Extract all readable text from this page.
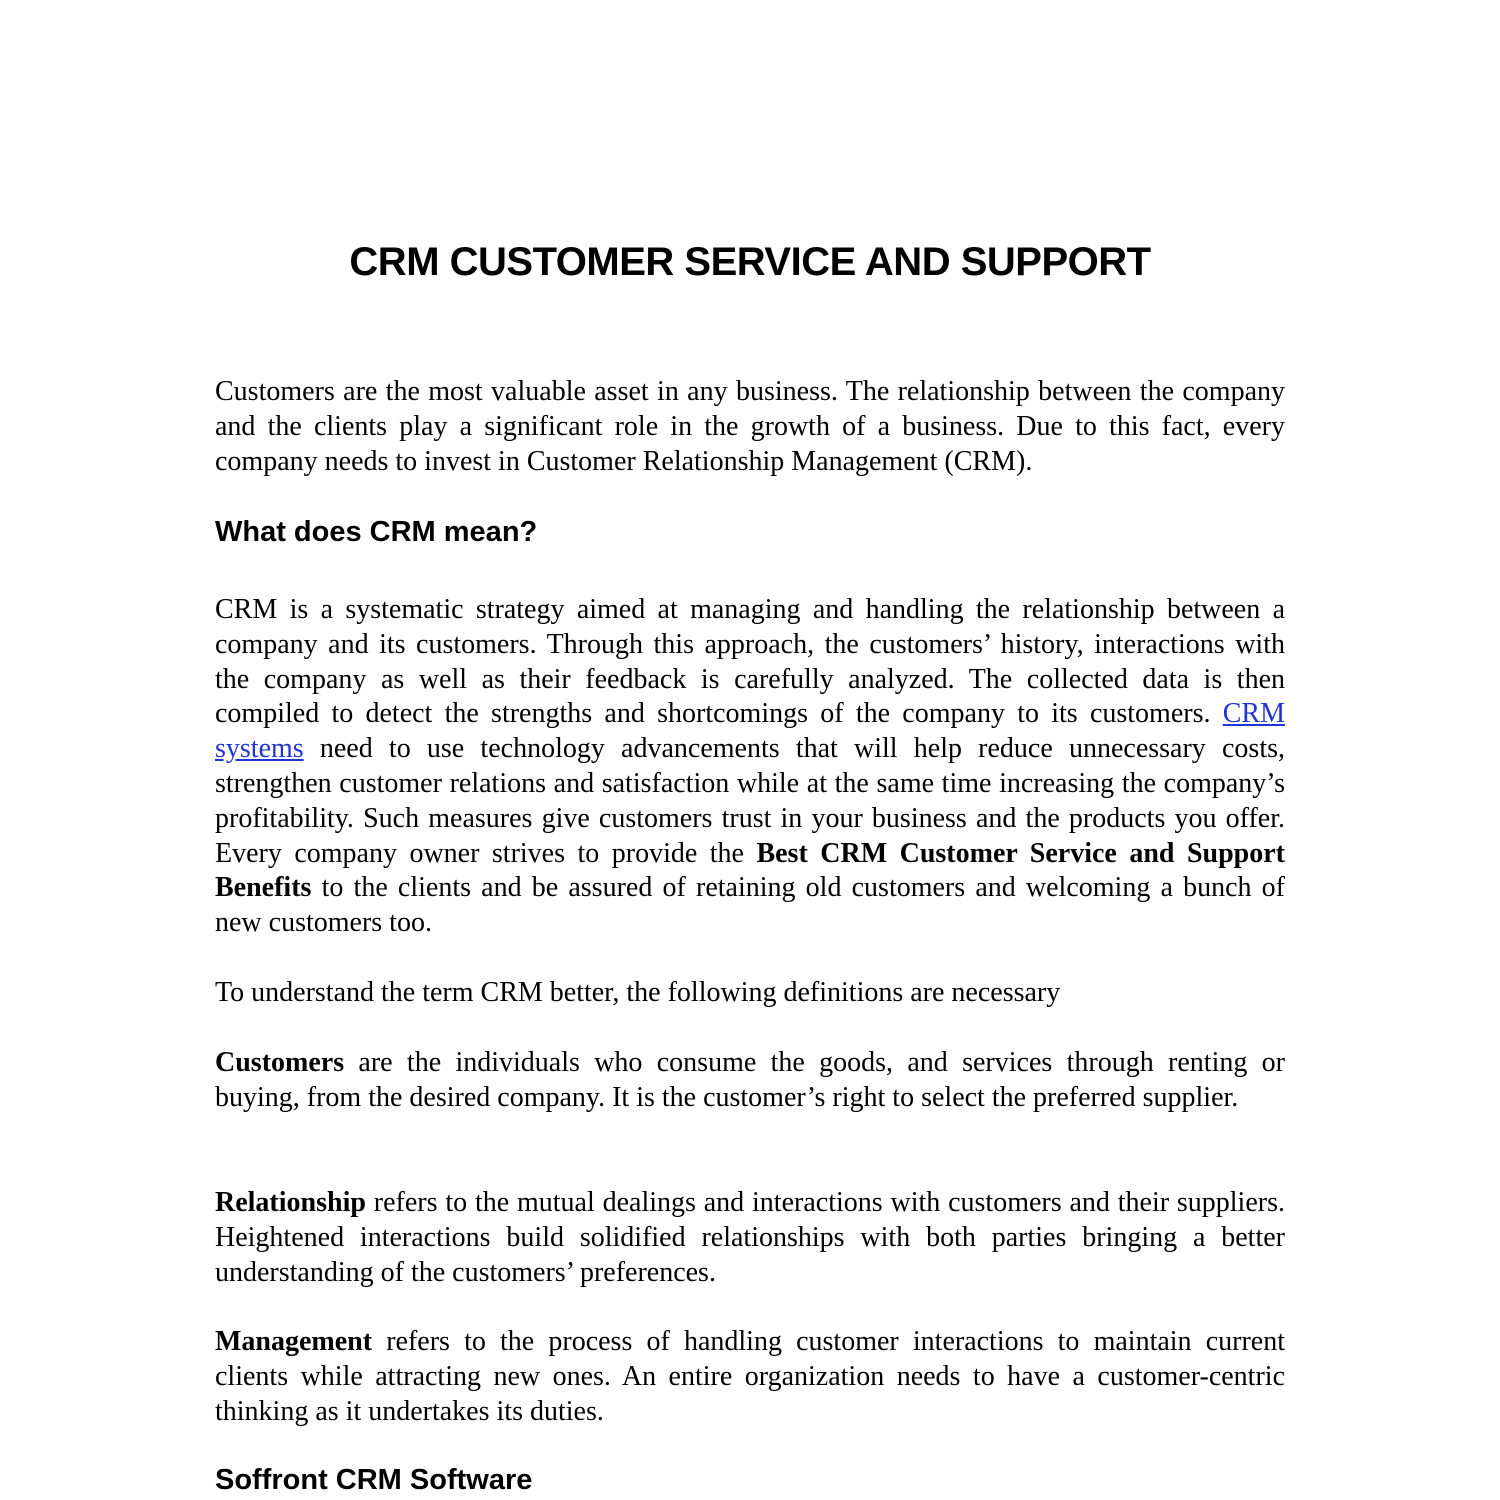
CRM CUSTOMER SERVICE AND SUPPORT

Customers are the most valuable asset in any business. The relationship between the company and the clients play a significant role in the growth of a business. Due to this fact, every company needs to invest in Customer Relationship Management (CRM).

What does CRM mean?

CRM is a systematic strategy aimed at managing and handling the relationship between a company and its customers. Through this approach, the customers’ history, interactions with the company as well as their feedback is carefully analyzed. The collected data is then compiled to detect the strengths and shortcomings of the company to its customers. CRM systems need to use technology advancements that will help reduce unnecessary costs, strengthen customer relations and satisfaction while at the same time increasing the company’s profitability. Such measures give customers trust in your business and the products you offer. Every company owner strives to provide the Best CRM Customer Service and Support Benefits to the clients and be assured of retaining old customers and welcoming a bunch of new customers too.

To understand the term CRM better, the following definitions are necessary

Customers are the individuals who consume the goods, and services through renting or buying, from the desired company. It is the customer’s right to select the preferred supplier.

Relationship refers to the mutual dealings and interactions with customers and their suppliers. Heightened interactions build solidified relationships with both parties bringing a better understanding of the customers’ preferences.

Management refers to the process of handling customer interactions to maintain current clients while attracting new ones. An entire organization needs to have a customer-centric thinking as it undertakes its duties.

Soffront CRM Software
